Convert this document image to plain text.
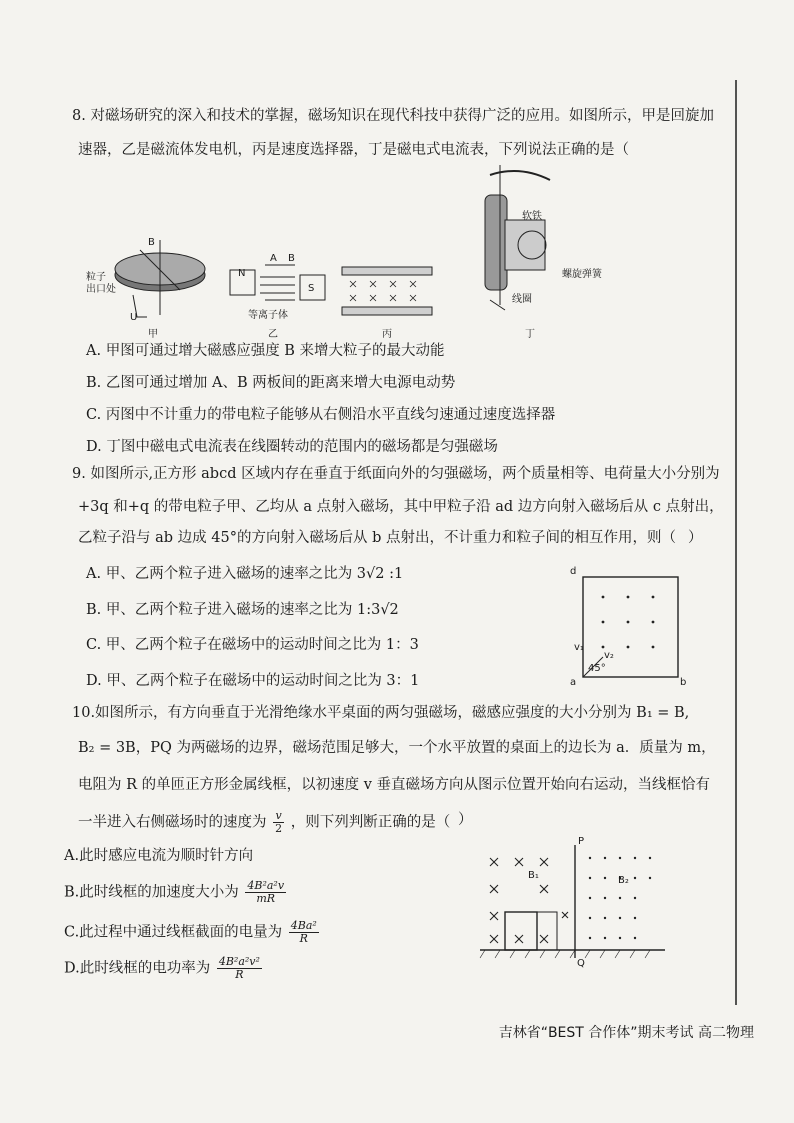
8. 对磁场研究的深入和技术的掌握，磁场知识在现代科技中获得广泛的应用。如图所示，甲是回旋加
速器，乙是磁流体发电机，丙是速度选择器，丁是磁电式电流表，下列说法正确的是（
B
粒子
出口处
U
甲
N
S
A B
等离子体
乙	丙
软铁
螺旋弹簧
线圈
丁
A. 甲图可通过增大磁感应强度 B 来增大粒子的最大动能
B. 乙图可通过增加 A、B 两板间的距离来增大电源电动势
C. 丙图中不计重力的带电粒子能够从右侧沿水平直线匀速通过速度选择器
D. 丁图中磁电式电流表在线圈转动的范围内的磁场都是匀强磁场
9. 如图所示,正方形 abcd 区域内存在垂直于纸面向外的匀强磁场，两个质量相等、电荷量大小分别为
+3q 和+q 的带电粒子甲、乙均从 a 点射入磁场，其中甲粒子沿 ad 边方向射入磁场后从 c 点射出，
乙粒子沿与 ab 边成 45°的方向射入磁场后从 b 点射出，不计重力和粒子间的相互作用，则（ ）
A. 甲、乙两个粒子进入磁场的速率之比为 3√2 :1
B. 甲、乙两个粒子进入磁场的速率之比为 1:3√2
C. 甲、乙两个粒子在磁场中的运动时间之比为 1：3
D. 甲、乙两个粒子在磁场中的运动时间之比为 3：1
d
a	b
45°
v₂
v₁
10.如图所示，有方向垂直于光滑绝缘水平桌面的两匀强磁场，磁感应强度的大小分别为 B₁ = B,
B₂ = 3B，PQ 为两磁场的边界，磁场范围足够大，一个水平放置的桌面上的边长为 a．质量为 m，
电阻为 R 的单匝正方形金属线框，以初速度 v 垂直磁场方向从图示位置开始向右运动，当线框恰有
一半进入右侧磁场时的速度为 $\frac{v}{2}$ ，则下列判断正确的是（ ）
A.此时感应电流为顺时针方向
B.此时线框的加速度大小为 $\frac{\text{4B²a²v}}{mR}$
C.此过程中通过线框截面的电量为 $\frac{\text{4Ba²}}{R}$
D.此时线框的电功率为 $\frac{\text{4B²a²v²}}{R}$
P
Q
B₁	B₂
吉林省“BEST 合作体”期末考试 高二物理
